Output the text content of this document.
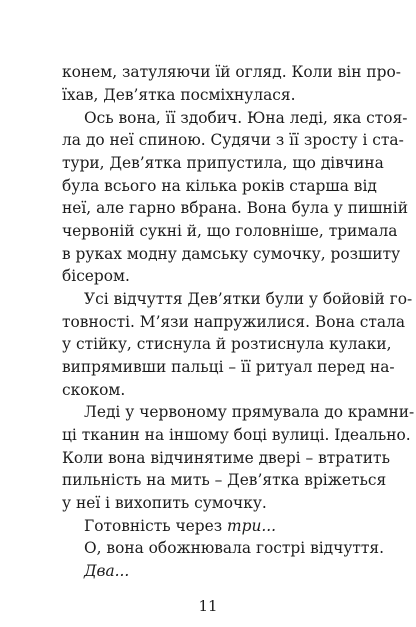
конем, затуляючи їй огляд. Коли він про-
їхав, Дев’ятка посміхнулася.
Ось вона, її здобич. Юна леді, яка стоя-
ла до неї спиною. Судячи з її зросту і ста-
тури, Дев’ятка припустила, що дівчина
була всього на кілька років старша від
неї, але гарно вбрана. Вона була у пишній
червоній сукні й, що головніше, тримала
в руках модну дамську сумочку, розшиту
бісером.
Усі відчуття Дев’ятки були у бойовій го-
товності. М’язи напружилися. Вона стала
у стійку, стиснула й розтиснула кулаки,
випрямивши пальці – її ритуал перед на-
скоком.
Леді у червоному прямувала до крамни-
ці тканин на іншому боці вулиці. Ідеально.
Коли вона відчинятиме двері – втратить
пильність на мить – Дев’ятка вріжеться
у неї і вихопить сумочку.
Готовність через три...
О, вона обожнювала гострі відчуття.
Два...
11
